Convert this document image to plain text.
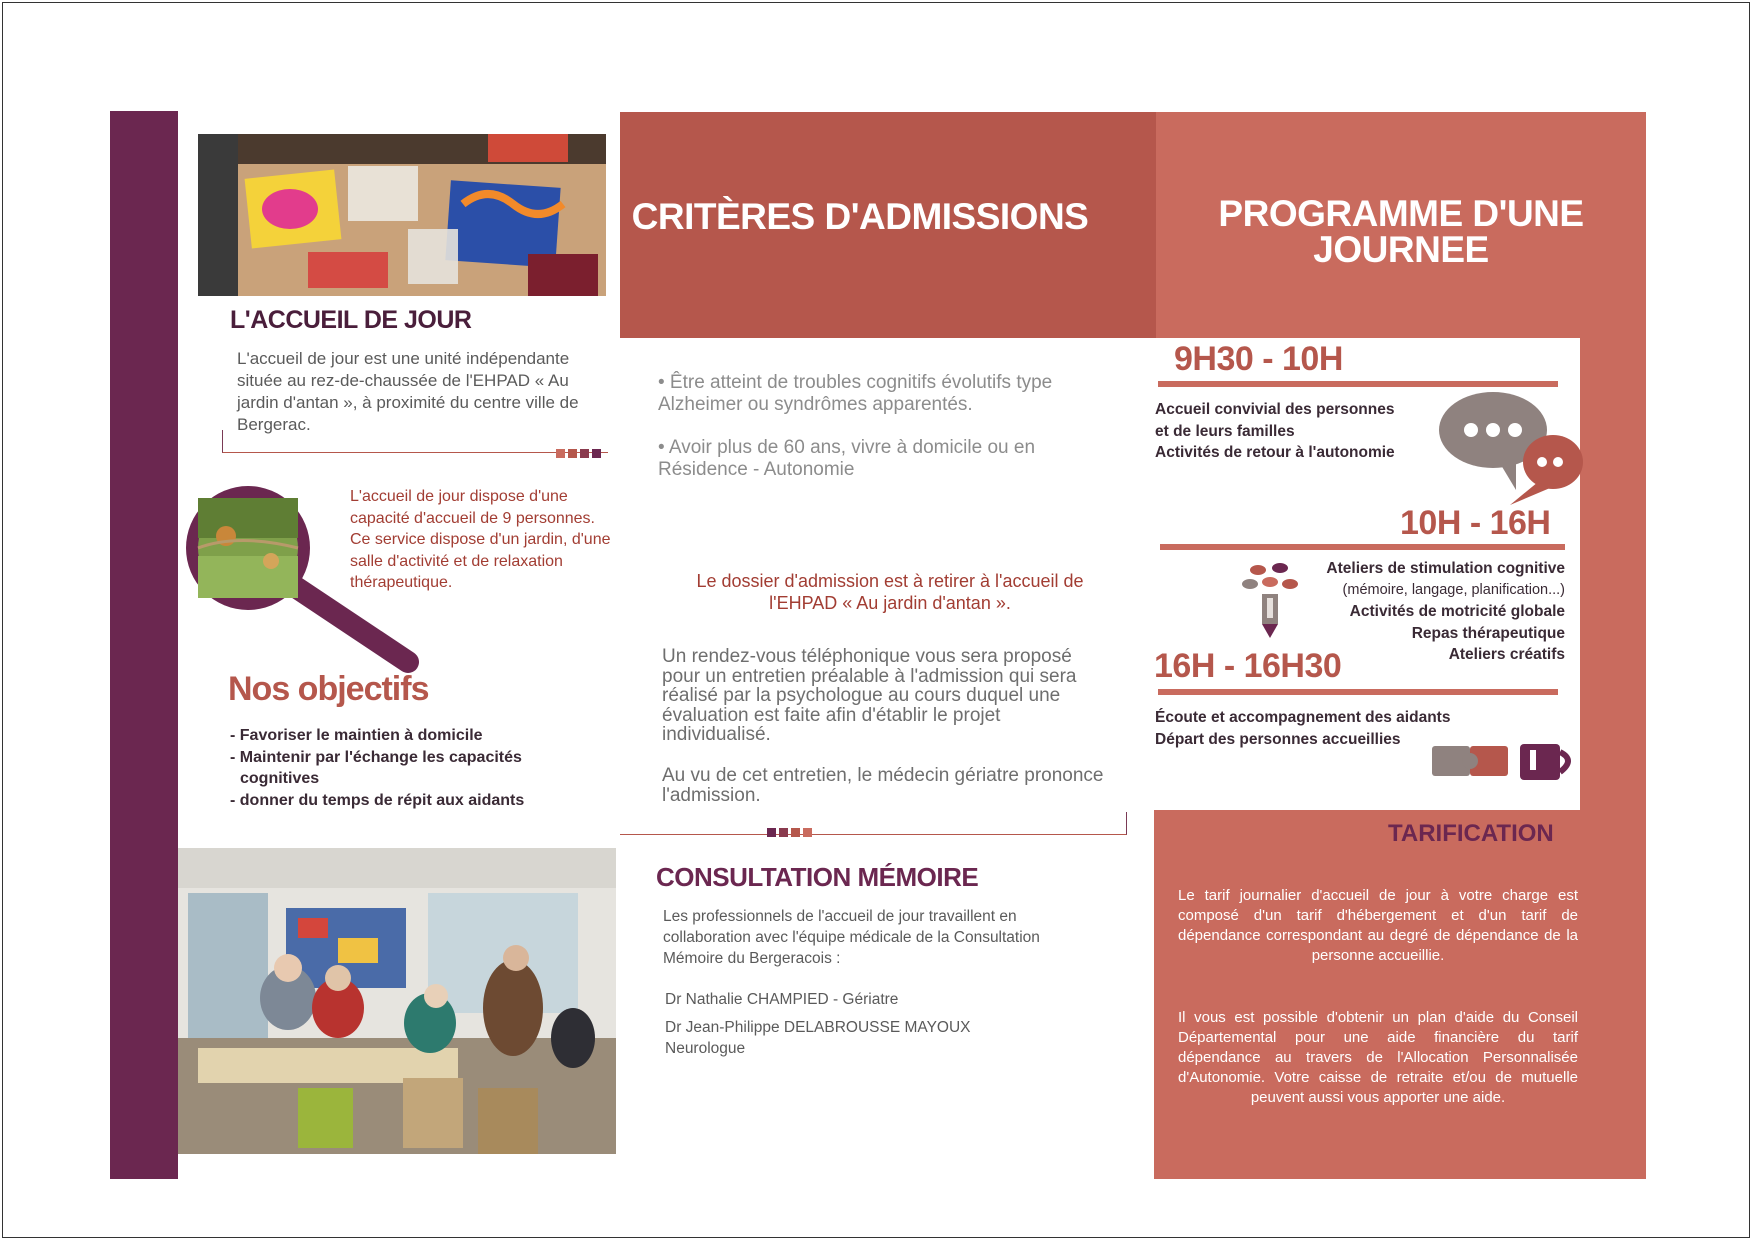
L'ACCUEIL DE JOUR
L'accueil de jour est une unité indépendante située au rez-de-chaussée de l'EHPAD « Au jardin d'antan », à proximité du centre ville de Bergerac.
L'accueil de jour dispose d'une capacité d'accueil de 9 personnes. Ce service dispose d'un jardin, d'une salle d'activité et de relaxation thérapeutique.
Nos objectifs
- Favoriser le maintien à domicile
- Maintenir par l'échange les capacités cognitives
- donner du temps de répit aux aidants
CRITÈRES D'ADMISSIONS
• Être atteint de troubles cognitifs évolutifs type Alzheimer ou syndrômes apparentés.
• Avoir plus de 60 ans, vivre à domicile ou en Résidence - Autonomie
Le dossier d'admission est à retirer à l'accueil de l'EHPAD « Au jardin d'antan ».
Un rendez-vous téléphonique vous sera proposé pour un entretien préalable à l'admission qui sera réalisé par la psychologue au cours duquel une évaluation est faite afin d'établir le projet individualisé.
Au vu de cet entretien, le médecin gériatre prononce l'admission.
CONSULTATION MÉMOIRE
Les professionnels de l'accueil de jour travaillent en collaboration avec l'équipe médicale de la Consultation Mémoire du Bergeracois :
Dr Nathalie CHAMPIED - Gériatre
Dr Jean-Philippe DELABROUSSE MAYOUX
Neurologue
PROGRAMME D'UNE
JOURNEE
9H30 - 10H
Accueil convivial des personnes
et de leurs familles
Activités de retour à l'autonomie
10H - 16H
Ateliers de stimulation cognitive
(mémoire, langage, planification...)
Activités de motricité globale
Repas thérapeutique
Ateliers créatifs
16H - 16H30
Écoute et accompagnement des aidants
Départ des personnes accueillies
TARIFICATION
Le tarif journalier d'accueil de jour à votre charge est composé d'un tarif d'hébergement et d'un tarif de dépendance correspondant au degré de dépendance de la personne accueillie.
Il vous est possible d'obtenir un plan d'aide du Conseil Départemental pour une aide financière du tarif dépendance au travers de l'Allocation Personnalisée d'Autonomie. Votre caisse de retraite et/ou de mutuelle peuvent aussi vous apporter une aide.
